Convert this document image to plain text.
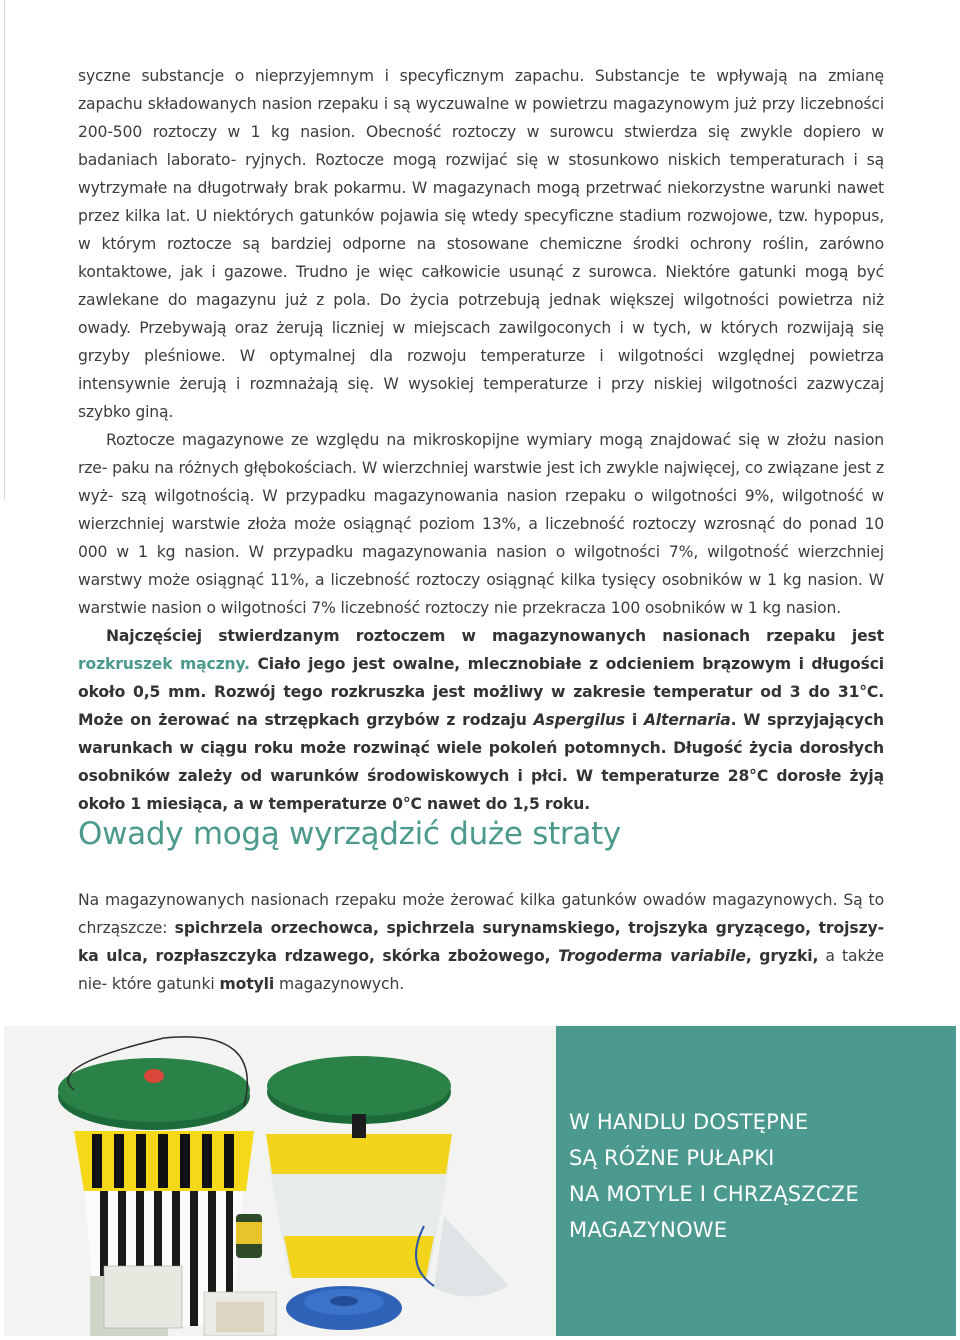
syczne substancje o nieprzyjemnym i specyficznym zapachu. Substancje te wpływają na zmianę zapachu składowanych nasion rzepaku i są wyczuwalne w powietrzu magazynowym już przy liczebności 200-500 roztoczy w 1 kg nasion. Obecność roztoczy w surowcu stwierdza się zwykle dopiero w badaniach laborato- ryjnych. Roztocze mogą rozwijać się w stosunkowo niskich temperaturach i są wytrzymałe na długotrwały brak pokarmu. W magazynach mogą przetrwać niekorzystne warunki nawet przez kilka lat. U niektórych gatunków pojawia się wtedy specyficzne stadium rozwojowe, tzw. hypopus, w którym roztocze są bardziej odporne na stosowane chemiczne środki ochrony roślin, zarówno kontaktowe, jak i gazowe. Trudno je więc całkowicie usunąć z surowca. Niektóre gatunki mogą być zawlekane do magazynu już z pola. Do życia potrzebują jednak większej wilgotności powietrza niż owady. Przebywają oraz żerują liczniej w miejscach zawilgoconych i w tych, w których rozwijają się grzyby pleśniowe. W optymalnej dla rozwoju temperaturze i wilgotności względnej powietrza intensywnie żerują i rozmnażają się. W wysokiej temperaturze i przy niskiej wilgotności zazwyczaj szybko giną.

Roztocze magazynowe ze względu na mikroskopijne wymiary mogą znajdować się w złożu nasion rze- paku na różnych głębokościach. W wierzchniej warstwie jest ich zwykle najwięcej, co związane jest z wyż- szą wilgotnością. W przypadku magazynowania nasion rzepaku o wilgotności 9%, wilgotność w wierzchniej warstwie złoża może osiągnąć poziom 13%, a liczebność roztoczy wzrosnąć do ponad 10 000 w 1 kg nasion. W przypadku magazynowania nasion o wilgotności 7%, wilgotność wierzchniej warstwy może osiągnąć 11%, a liczebność roztoczy osiągnąć kilka tysięcy osobników w 1 kg nasion. W warstwie nasion o wilgotności 7% liczebność roztoczy nie przekracza 100 osobników w 1 kg nasion.

Najczęściej stwierdzanym roztoczem w magazynowanych nasionach rzepaku jest rozkruszek mączny. Ciało jego jest owalne, mlecznobiałe z odcieniem brązowym i długości około 0,5 mm. Rozwój tego rozkruszka jest możliwy w zakresie temperatur od 3 do 31°C. Może on żerować na strzępkach grzybów z rodzaju Aspergilus i Alternaria. W sprzyjających warunkach w ciągu roku może rozwinąć wiele pokoleń potomnych. Długość życia dorosłych osobników zależy od warunków środowiskowych i płci. W temperaturze 28°C dorosłe żyją około 1 miesiąca, a w temperaturze 0°C nawet do 1,5 roku.

Owady mogą wyrządzić duże straty

Na magazynowanych nasionach rzepaku może żerować kilka gatunków owadów magazynowych. Są to chrząszcze: spichrzela orzechowca, spichrzela surynamskiego, trojszyka gryzącego, trojszy- ka ulca, rozpłaszczyka rdzawego, skórka zbożowego, Trogoderma variabile, gryzki, a także nie- które gatunki motyli magazynowych.

W HANDLU DOSTĘPNE
SĄ RÓŻNE PUŁAPKI
NA MOTYLE I CHRZĄSZCZE
MAGAZYNOWE
